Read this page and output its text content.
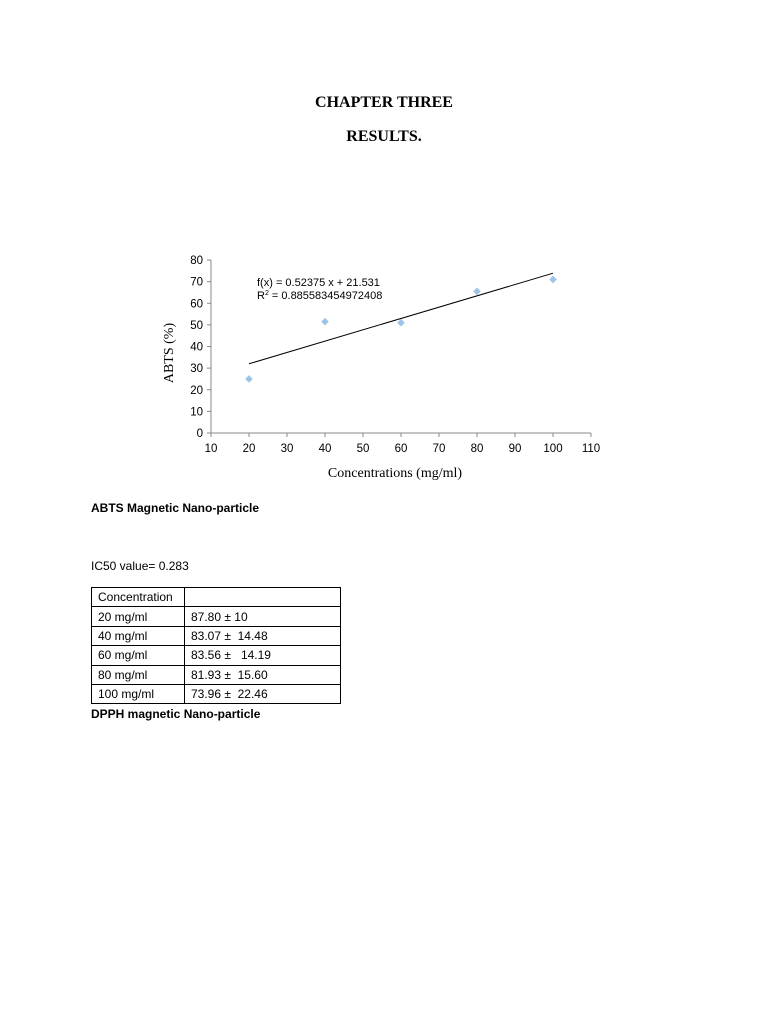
CHAPTER THREE
RESULTS.
0
10
20
30
40
50
60
70
80
10 20 30 40 50 60 70 80 90 100 110
f(x) = 0.52375 x + 21.531
$R^2 = 0.885583454972408$
Concentrations (mg/ml)
ABTS (%)
ABTS Magnetic Nano-particle
IC50 value= 0.283
Concentration	
20 mg/ml	87.80 ± 10
40 mg/ml	83.07 ±  14.48
60 mg/ml	83.56 ±   14.19
80 mg/ml	81.93 ±  15.60
100 mg/ml	73.96 ±  22.46
DPPH magnetic Nano-particle
